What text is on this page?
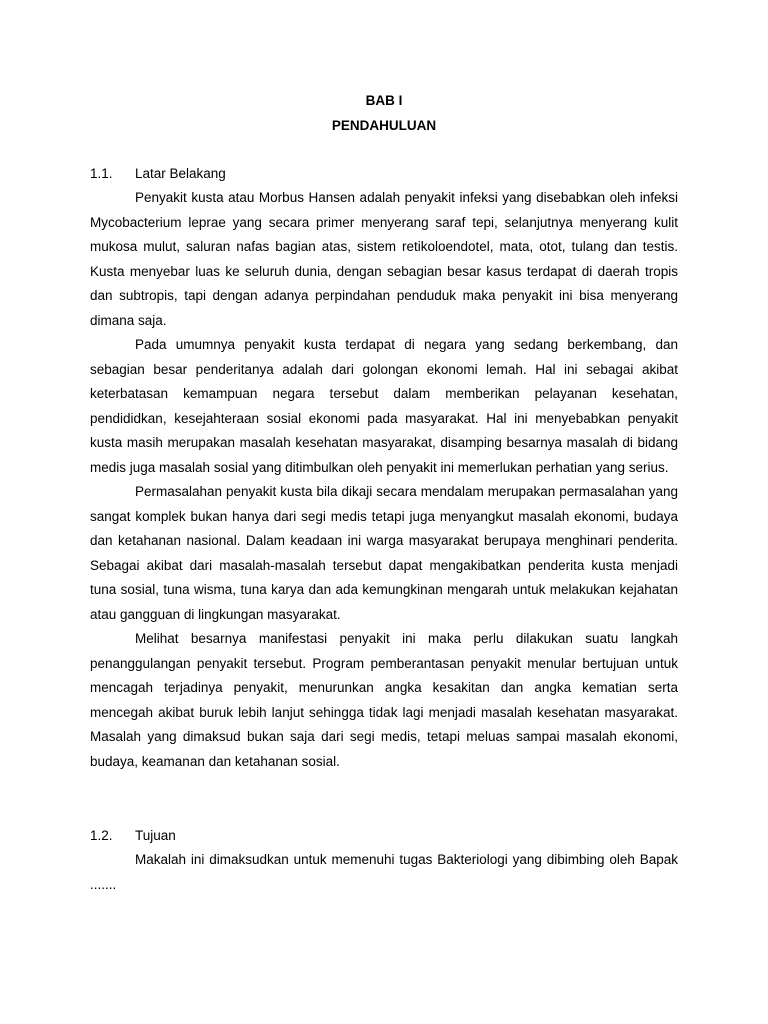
BAB I

PENDAHULUAN

1.1. Latar Belakang

Penyakit kusta atau Morbus Hansen adalah penyakit infeksi yang disebabkan oleh infeksi Mycobacterium leprae yang secara primer menyerang saraf tepi, selanjutnya menyerang kulit mukosa mulut, saluran nafas bagian atas, sistem retikoloendotel, mata, otot, tulang dan testis. Kusta menyebar luas ke seluruh dunia, dengan sebagian besar kasus terdapat di daerah tropis dan subtropis, tapi dengan adanya perpindahan penduduk maka penyakit ini bisa menyerang dimana saja.

Pada umumnya penyakit kusta terdapat di negara yang sedang berkembang, dan sebagian besar penderitanya adalah dari golongan ekonomi lemah. Hal ini sebagai akibat keterbatasan kemampuan negara tersebut dalam memberikan pelayanan kesehatan, pendididkan, kesejahteraan sosial ekonomi pada masyarakat. Hal ini menyebabkan penyakit kusta masih merupakan masalah kesehatan masyarakat, disamping besarnya masalah di bidang medis juga masalah sosial yang ditimbulkan oleh penyakit ini memerlukan perhatian yang serius.

Permasalahan penyakit kusta bila dikaji secara mendalam merupakan permasalahan yang sangat komplek bukan hanya dari segi medis tetapi juga menyangkut masalah ekonomi, budaya dan ketahanan nasional. Dalam keadaan ini warga masyarakat berupaya menghinari penderita. Sebagai akibat dari masalah-masalah tersebut dapat mengakibatkan penderita kusta menjadi tuna sosial, tuna wisma, tuna karya dan ada kemungkinan mengarah untuk melakukan kejahatan atau gangguan di lingkungan masyarakat.

Melihat besarnya manifestasi penyakit ini maka perlu dilakukan suatu langkah penanggulangan penyakit tersebut. Program pemberantasan penyakit menular bertujuan untuk mencagah terjadinya penyakit, menurunkan angka kesakitan dan angka kematian serta mencegah akibat buruk lebih lanjut sehingga tidak lagi menjadi masalah kesehatan masyarakat. Masalah yang dimaksud bukan saja dari segi medis, tetapi meluas sampai masalah ekonomi, budaya, keamanan dan ketahanan sosial.

1.2. Tujuan

Makalah ini dimaksudkan untuk memenuhi tugas Bakteriologi yang dibimbing oleh Bapak .......
